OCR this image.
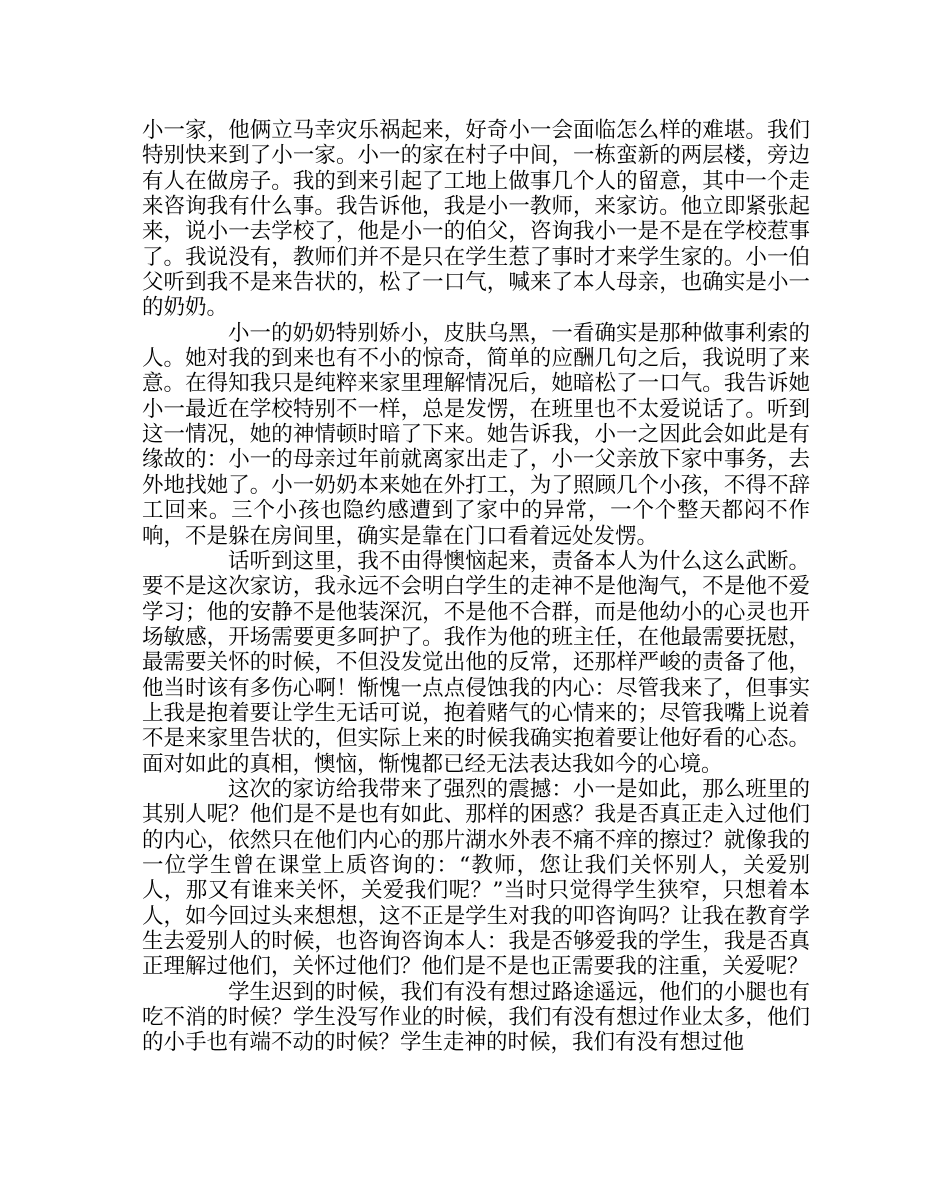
小一家，他俩立马幸灾乐祸起来，好奇小一会面临怎么样的难堪。我们特别快来到了小一家。小一的家在村子中间，一栋蛮新的两层楼，旁边有人在做房子。我的到来引起了工地上做事几个人的留意，其中一个走来咨询我有什么事。我告诉他，我是小一教师，来家访。他立即紧张起来，说小一去学校了，他是小一的伯父，咨询我小一是不是在学校惹事了。我说没有，教师们并不是只在学生惹了事时才来学生家的。小一伯父听到我不是来告状的，松了一口气，喊来了本人母亲，也确实是小一的奶奶。

小一的奶奶特别娇小，皮肤乌黑，一看确实是那种做事利索的人。她对我的到来也有不小的惊奇，简单的应酬几句之后，我说明了来意。在得知我只是纯粹来家里理解情况后，她暗松了一口气。我告诉她小一最近在学校特别不一样，总是发愣，在班里也不太爱说话了。听到这一情况，她的神情顿时暗了下来。她告诉我，小一之因此会如此是有缘故的：小一的母亲过年前就离家出走了，小一父亲放下家中事务，去外地找她了。小一奶奶本来她在外打工，为了照顾几个小孩，不得不辞工回来。三个小孩也隐约感遭到了家中的异常，一个个整天都闷不作响，不是躲在房间里，确实是靠在门口看着远处发愣。

话听到这里，我不由得懊恼起来，责备本人为什么这么武断。要不是这次家访，我永远不会明白学生的走神不是他淘气，不是他不爱学习；他的安静不是他装深沉，不是他不合群，而是他幼小的心灵也开场敏感，开场需要更多呵护了。我作为他的班主任，在他最需要抚慰，最需要关怀的时候，不但没发觉出他的反常，还那样严峻的责备了他，他当时该有多伤心啊！惭愧一点点侵蚀我的内心：尽管我来了，但事实上我是抱着要让学生无话可说，抱着赌气的心情来的；尽管我嘴上说着不是来家里告状的，但实际上来的时候我确实抱着要让他好看的心态。面对如此的真相，懊恼，惭愧都已经无法表达我如今的心境。

这次的家访给我带来了强烈的震撼：小一是如此，那么班里的其别人呢？他们是不是也有如此、那样的困惑？我是否真正走入过他们的内心，依然只在他们内心的那片湖水外表不痛不痒的擦过？就像我的一位学生曾在课堂上质咨询的：“教师，您让我们关怀别人，关爱别人，那又有谁来关怀，关爱我们呢？”当时只觉得学生狭窄，只想着本人，如今回过头来想想，这不正是学生对我的叩咨询吗？让我在教育学生去爱别人的时候，也咨询咨询本人：我是否够爱我的学生，我是否真正理解过他们，关怀过他们？他们是不是也正需要我的注重，关爱呢？

学生迟到的时候，我们有没有想过路途遥远，他们的小腿也有吃不消的时候？学生没写作业的时候，我们有没有想过作业太多，他们的小手也有端不动的时候？学生走神的时候，我们有没有想过他
